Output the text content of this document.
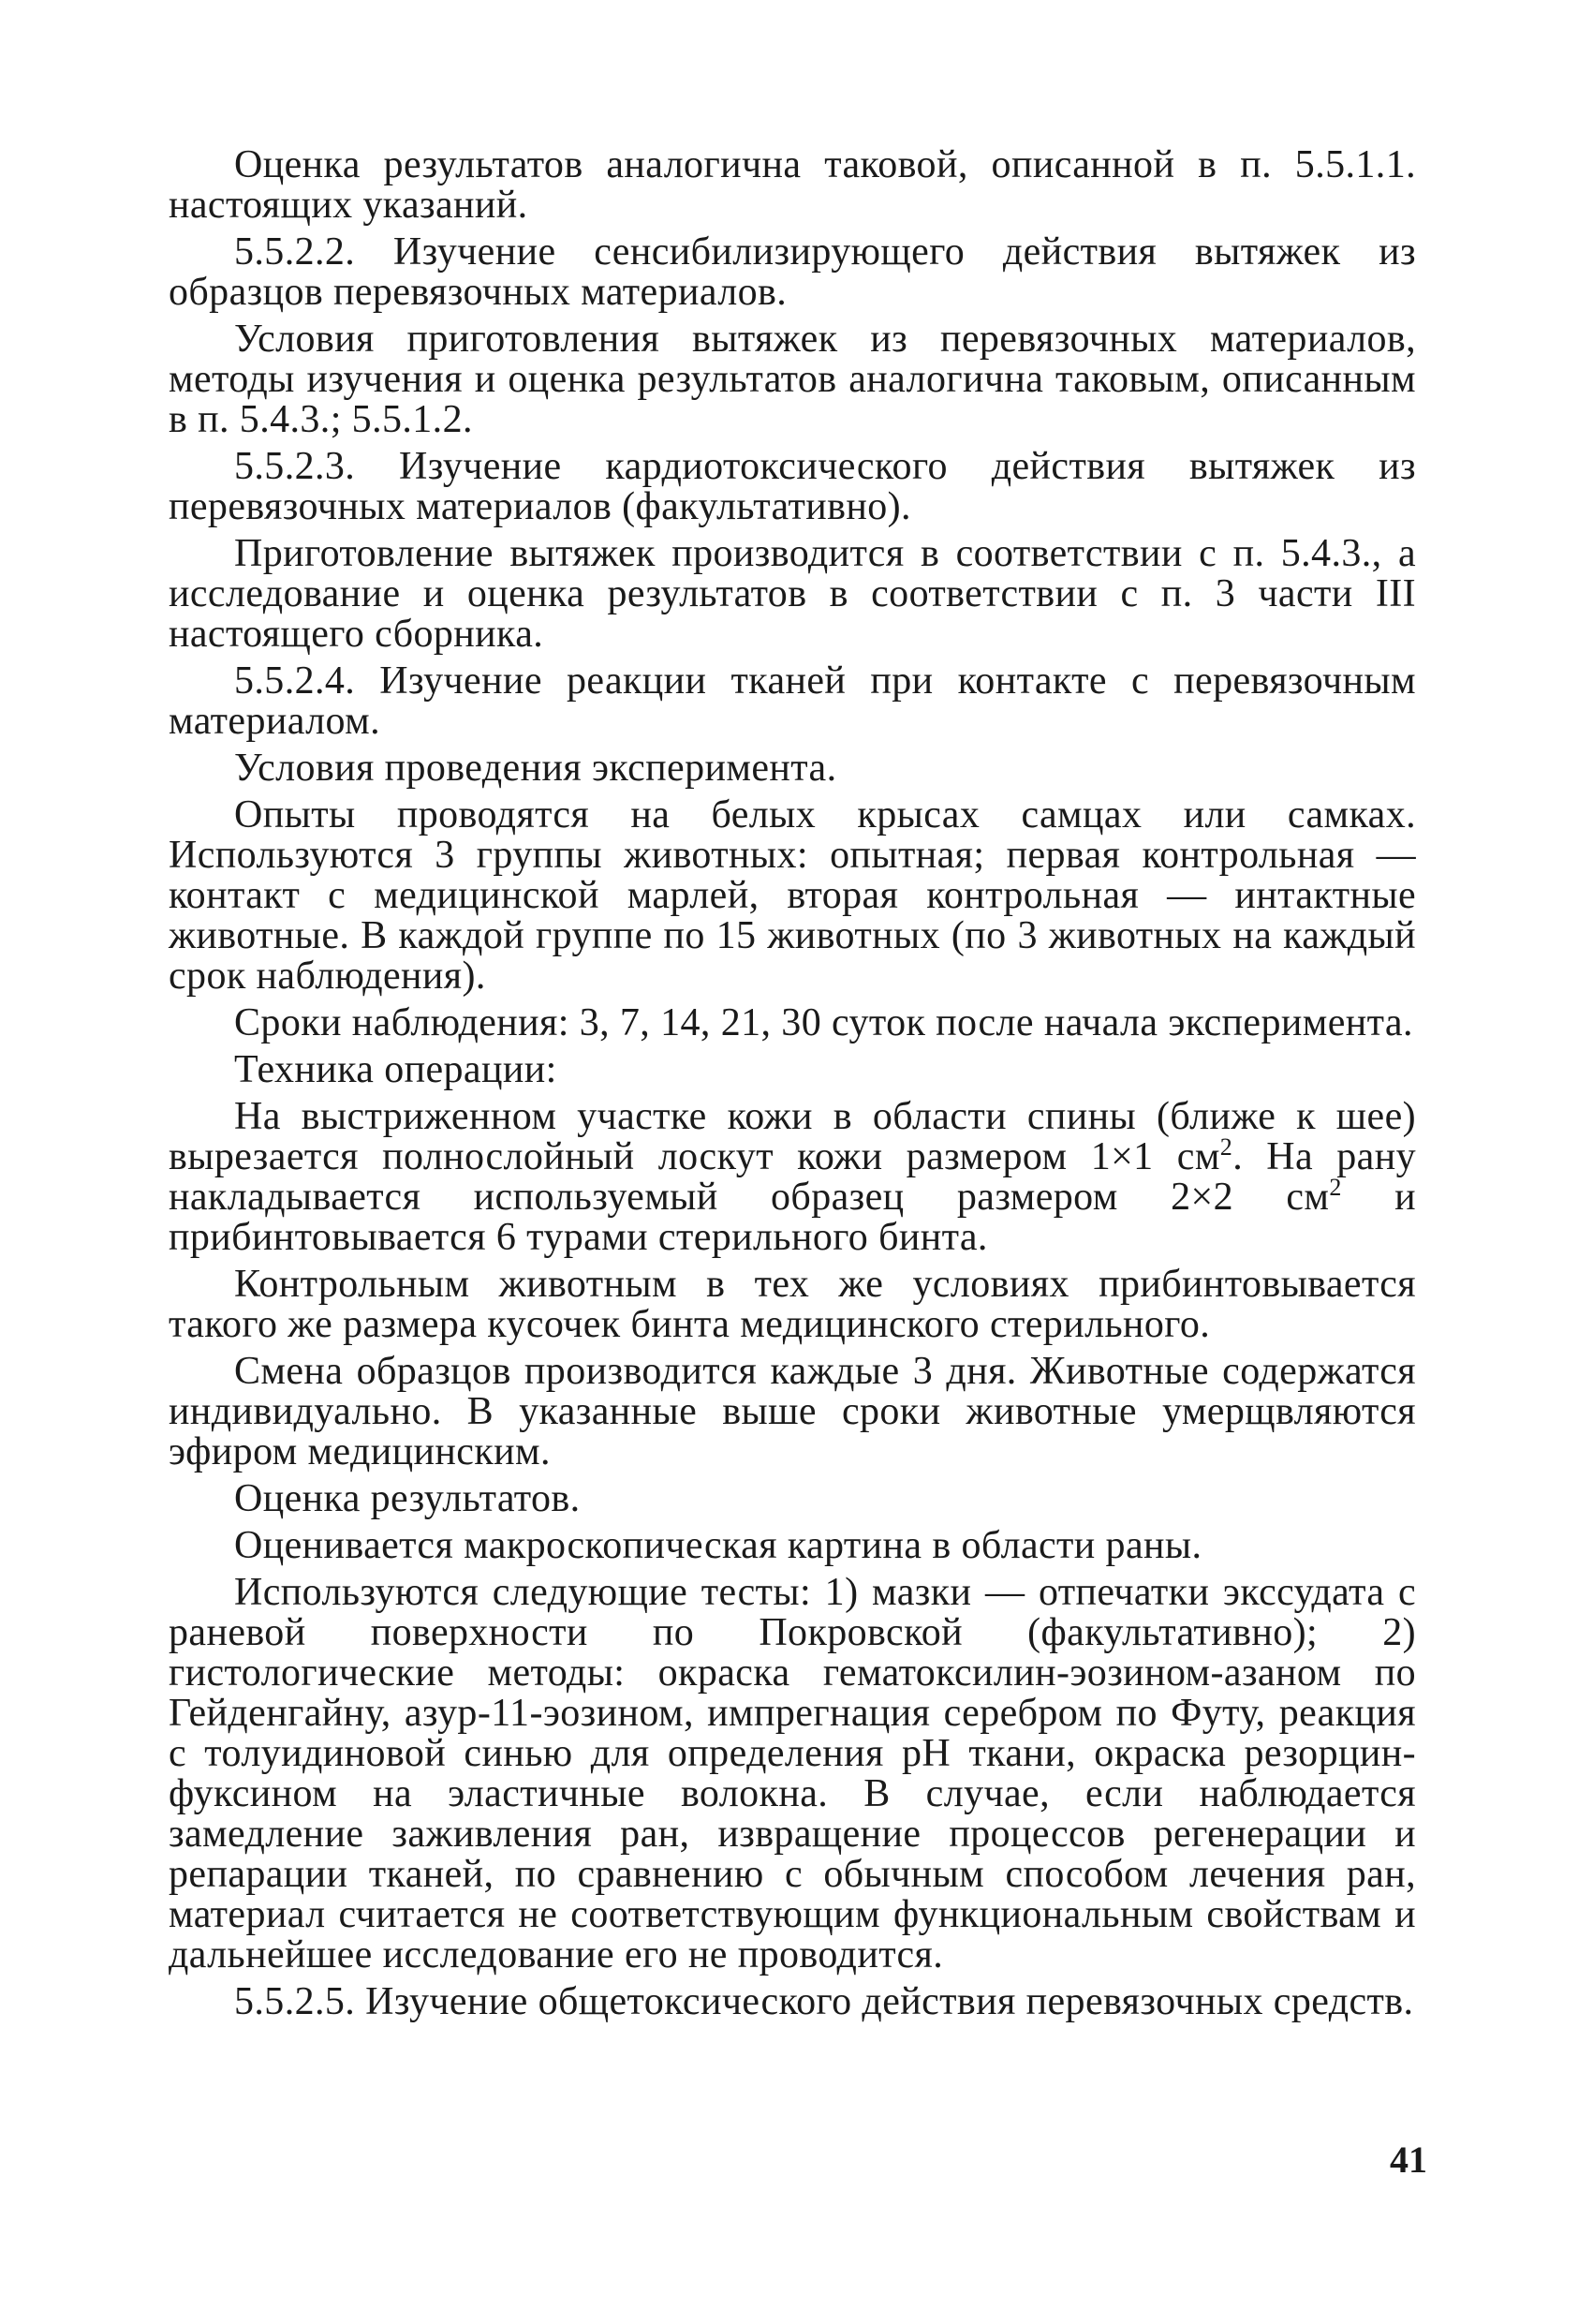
Оценка результатов аналогична таковой, описанной в п. 5.5.1.1. настоящих указаний.

5.5.2.2. Изучение сенсибилизирующего действия вытяжек из образцов перевязочных материалов.

Условия приготовления вытяжек из перевязочных материалов, методы изучения и оценка результатов аналогична таковым, описанным в п. 5.4.3.; 5.5.1.2.

5.5.2.3. Изучение кардиотоксического действия вытяжек из перевязочных материалов (факультативно).

Приготовление вытяжек производится в соответствии с п. 5.4.3., а исследование и оценка результатов в соответствии с п. 3 части III настоящего сборника.

5.5.2.4. Изучение реакции тканей при контакте с перевязочным материалом.

Условия проведения эксперимента.

Опыты проводятся на белых крысах самцах или самках. Используются 3 группы животных: опытная; первая контрольная — контакт с медицинской марлей, вторая контрольная — интактные животные. В каждой группе по 15 животных (по 3 животных на каждый срок наблюдения).

Сроки наблюдения: 3, 7, 14, 21, 30 суток после начала эксперимента.

Техника операции:

На выстриженном участке кожи в области спины (ближе к шее) вырезается полнослойный лоскут кожи размером 1×1 $см^2$. На рану накладывается используемый образец размером 2×2 $см^2$ и прибинтовывается 6 турами стерильного бинта.

Контрольным животным в тех же условиях прибинтовывается такого же размера кусочек бинта медицинского стерильного.

Смена образцов производится каждые 3 дня. Животные содержатся индивидуально. В указанные выше сроки животные умерщвляются эфиром медицинским.

Оценка результатов.

Оценивается макроскопическая картина в области раны.

Используются следующие тесты: 1) мазки — отпечатки экссудата с раневой поверхности по Покровской (факультативно); 2) гистологические методы: окраска гематоксилин-эозином-азаном по Гейденгайну, азур-11-эозином, импрегнация серебром по Футу, реакция с толуидиновой синью для определения pH ткани, окраска резорцин-фуксином на эластичные волокна. В случае, если наблюдается замедление заживления ран, извращение процессов регенерации и репарации тканей, по сравнению с обычным способом лечения ран, материал считается не соответствующим функциональным свойствам и дальнейшее исследование его не проводится.

5.5.2.5. Изучение общетоксического действия перевязочных средств.

41
